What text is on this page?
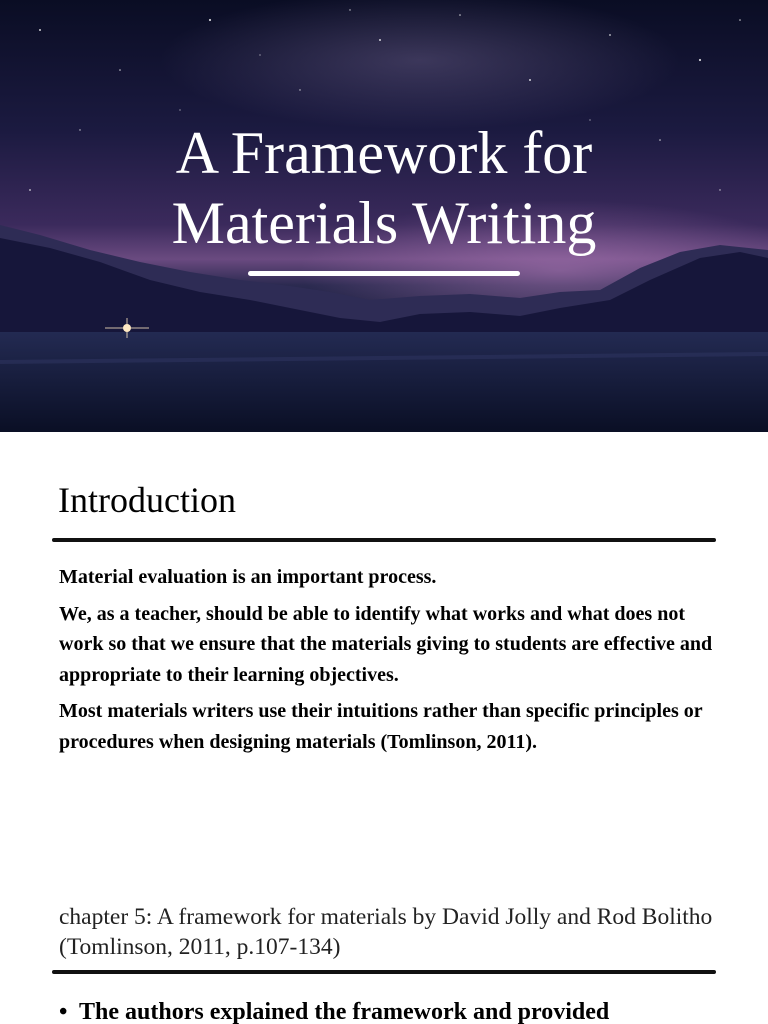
A Framework for
Materials Writing
Introduction

Material evaluation is an important process.

We, as a teacher, should be able to identify what works and what does not work so that we ensure that the materials giving to students are effective and appropriate to their learning objectives.

Most materials writers use their intuitions rather than specific principles or procedures when designing materials (Tomlinson, 2011).

chapter 5: A framework for materials by David Jolly and Rod Bolitho (Tomlinson, 2011, p.107-134)

• The authors explained the framework and provided
